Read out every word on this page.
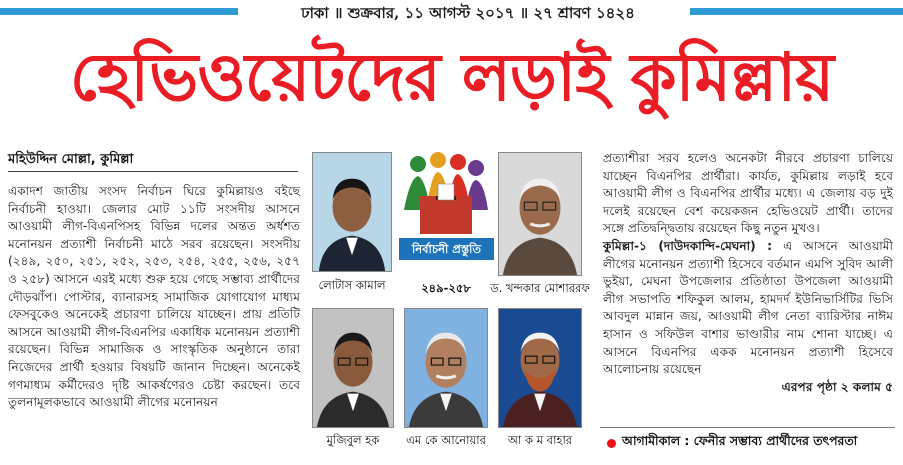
ঢাকা ॥ শুক্রবার, ১১ আগস্ট ২০১৭ ॥ ২৭ শ্রাবণ ১৪২৪
হেভিওয়েটদের লড়াই কুমিল্লায়
মহিউদ্দিন মোল্লা, কুমিল্লা

একাদশ জাতীয় সংসদ নির্বাচন ঘিরে কুমিল্লায়ও বইছে নির্বাচনী হাওয়া। জেলার মোট ১১টি সংসদীয় আসনে আওয়ামী লীগ-বিএনপিসহ বিভিন্ন দলের অন্তত অর্ধশত মনোনয়ন প্রত্যাশী নির্বাচনী মাঠে সরব রয়েছেন। সংসদীয় (২৪৯, ২৫০, ২৫১, ২৫২, ২৫৩, ২৫৪, ২৫৫, ২৫৬, ২৫৭ ও ২৫৮) আসনে এরই মধ্যে শুরু হয়ে গেছে সম্ভাব্য প্রার্থীদের দৌড়ঝাঁপ। পোস্টার, ব্যানারসহ সামাজিক যোগাযোগ মাধ্যম ফেসবুকেও অনেকেই প্রচারণা চালিয়ে যাচ্ছেন। প্রায় প্রতিটি আসনে আওয়ামী লীগ-বিএনপির একাধিক মনোনয়ন প্রত্যাশী রয়েছেন। বিভিন্ন সামাজিক ও সাংস্কৃতিক অনুষ্ঠানে তারা নিজেদের প্রার্থী হওয়ার বিষয়টি জানান দিচ্ছেন। অনেকেই গণমাধ্যম কর্মীদেরও দৃষ্টি আকর্ষণেরও চেষ্টা করছেন। তবে তুলনামূলকভাবে আওয়ামী লীগের মনোনয়ন

লোটাস কামাল
নির্বাচনী প্রস্তুতি
২৪৯-২৫৮	ড. খন্দকার মোশাররফ
মুজিবুল হক	এম কে আনোয়ার	আ ক ম বাহার

প্রত্যাশীরা সরব হলেও অনেকটা নীরবে প্রচারণা চালিয়ে যাচ্ছেন বিএনপির প্রার্থীরা। কার্যত, কুমিল্লায় লড়াই হবে আওয়ামী লীগ ও বিএনপির প্রার্থীর মধ্যে। এ জেলায় বড় দুই দলেই রয়েছেন বেশ কয়েকজন হেভিওয়েট প্রার্থী। তাদের সঙ্গে প্রতিদ্বন্দ্বিতায় রয়েছেন কিছু নতুন মুখও।

কুমিল্লা-১ (দাউদকান্দি-মেঘনা) : এ আসনে আওয়ামী লীগের মনোনয়ন প্রত্যাশী হিসেবে বর্তমান এমপি সুবিদ আলী ভুইয়া, মেঘনা উপজেলার প্রতিষ্ঠাতা উপজেলা আওয়ামী লীগ সভাপতি শফিকুল আলম, হামদর্দ ইউনিভার্সিটির ভিসি আবদুল মান্নান জয়, আওয়ামী লীগ নেতা ব্যারিস্টার নাঈম হাসান ও সফিউল বাশার ভাণ্ডারীর নাম শোনা যাচ্ছে। এ আসনে বিএনপির একক মনোনয়ন প্রত্যাশী হিসেবে আলোচনায় রয়েছেন

এরপর পৃষ্ঠা ২ কলাম ৫
আগামীকাল : ফেনীর সম্ভাব্য প্রার্থীদের তৎপরতা
